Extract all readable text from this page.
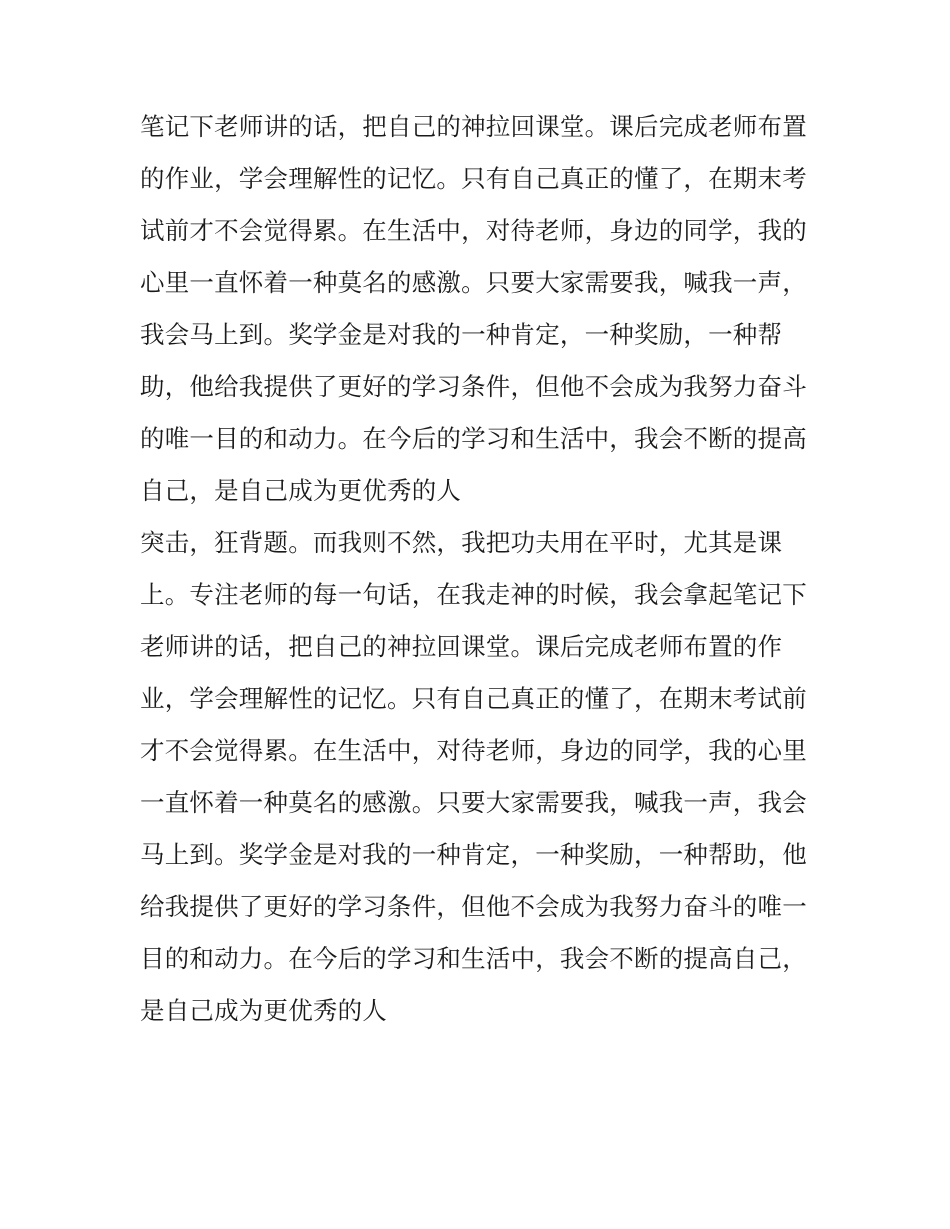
笔记下老师讲的话，把自己的神拉回课堂。课后完成老师布置
的作业，学会理解性的记忆。只有自己真正的懂了，在期末考
试前才不会觉得累。在生活中，对待老师，身边的同学，我的
心里一直怀着一种莫名的感激。只要大家需要我，喊我一声，
我会马上到。奖学金是对我的一种肯定，一种奖励，一种帮
助，他给我提供了更好的学习条件，但他不会成为我努力奋斗
的唯一目的和动力。在今后的学习和生活中，我会不断的提高
自己，是自己成为更优秀的人
突击，狂背题。而我则不然，我把功夫用在平时，尤其是课
上。专注老师的每一句话，在我走神的时候，我会拿起笔记下
老师讲的话，把自己的神拉回课堂。课后完成老师布置的作
业，学会理解性的记忆。只有自己真正的懂了，在期末考试前
才不会觉得累。在生活中，对待老师，身边的同学，我的心里
一直怀着一种莫名的感激。只要大家需要我，喊我一声，我会
马上到。奖学金是对我的一种肯定，一种奖励，一种帮助，他
给我提供了更好的学习条件，但他不会成为我努力奋斗的唯一
目的和动力。在今后的学习和生活中，我会不断的提高自己，
是自己成为更优秀的人
